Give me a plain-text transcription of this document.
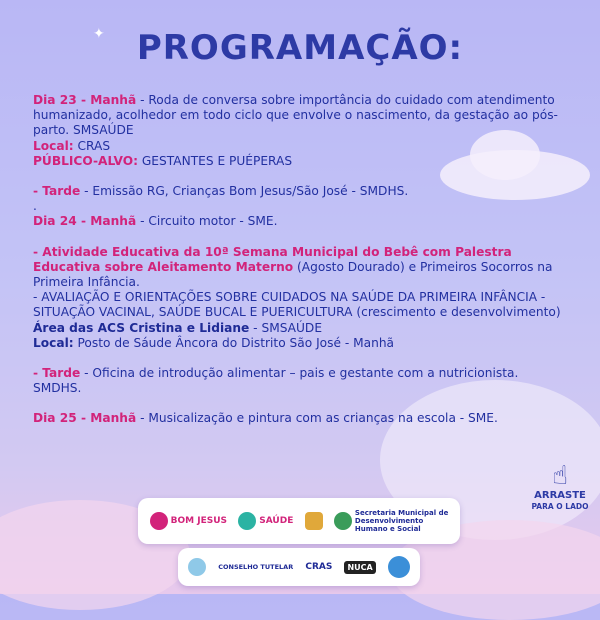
✦ PROGRAMAÇÃO:

Dia 23 - Manhã - Roda de conversa sobre importância do cuidado com atendimento humanizado, acolhedor em todo ciclo que envolve o nascimento, da gestação ao pós-parto. SMSAÚDE

Local: CRAS

PÚBLICO-ALVO: GESTANTES E PUÉPERAS

- Tarde - Emissão RG, Crianças Bom Jesus/São José - SMDHS.

.

Dia 24 - Manhã - Circuito motor - SME.

- Atividade Educativa da 10ª Semana Municipal do Bebê com Palestra Educativa sobre Aleitamento Materno (Agosto Dourado) e Primeiros Socorros na Primeira Infância.

- AVALIAÇÃO E ORIENTAÇÕES SOBRE CUIDADOS NA SAÚDE DA PRIMEIRA INFÂNCIA - SITUAÇÃO VACINAL, SAÚDE BUCAL E PUERICULTURA (crescimento e desenvolvimento)

Área das ACS Cristina e Lidiane - SMSAÚDE

Local: Posto de Sáude Âncora do Distrito São José - Manhã

- Tarde - Oficina de introdução alimentar – pais e gestante com a nutricionista. SMDHS.

Dia 25 - Manhã - Musicalização e pintura com as crianças na escola - SME.

☝
ARRASTE
PARA O LADO
BOM JESUS	SAÚDE
Secretaria Municipal de
Desenvolvimento
Humano e Social
CONSELHO TUTELAR CRAS	NUCA
